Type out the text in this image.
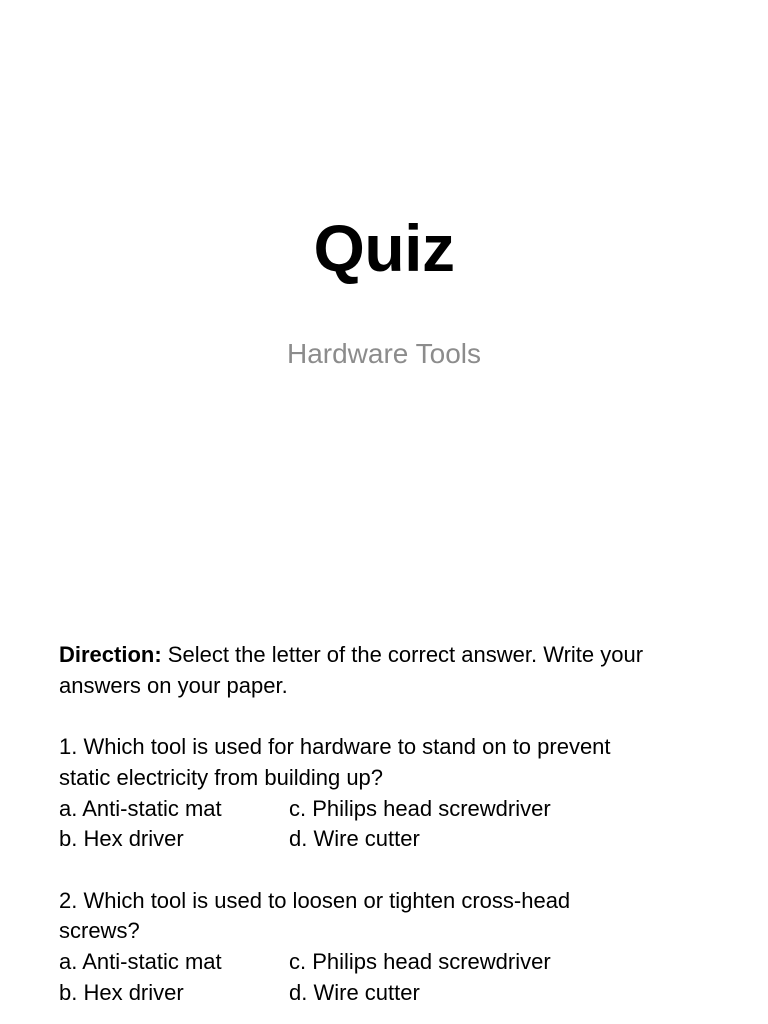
Quiz
Hardware Tools
Direction: Select the letter of the correct answer. Write your
answers on your paper.
1. Which tool is used for hardware to stand on to prevent
static electricity from building up?
a. Anti-static mat	c. Philips head screwdriver
b. Hex driver	d. Wire cutter
2. Which tool is used to loosen or tighten cross-head
screws?
a. Anti-static mat	c. Philips head screwdriver
b. Hex driver	d. Wire cutter
